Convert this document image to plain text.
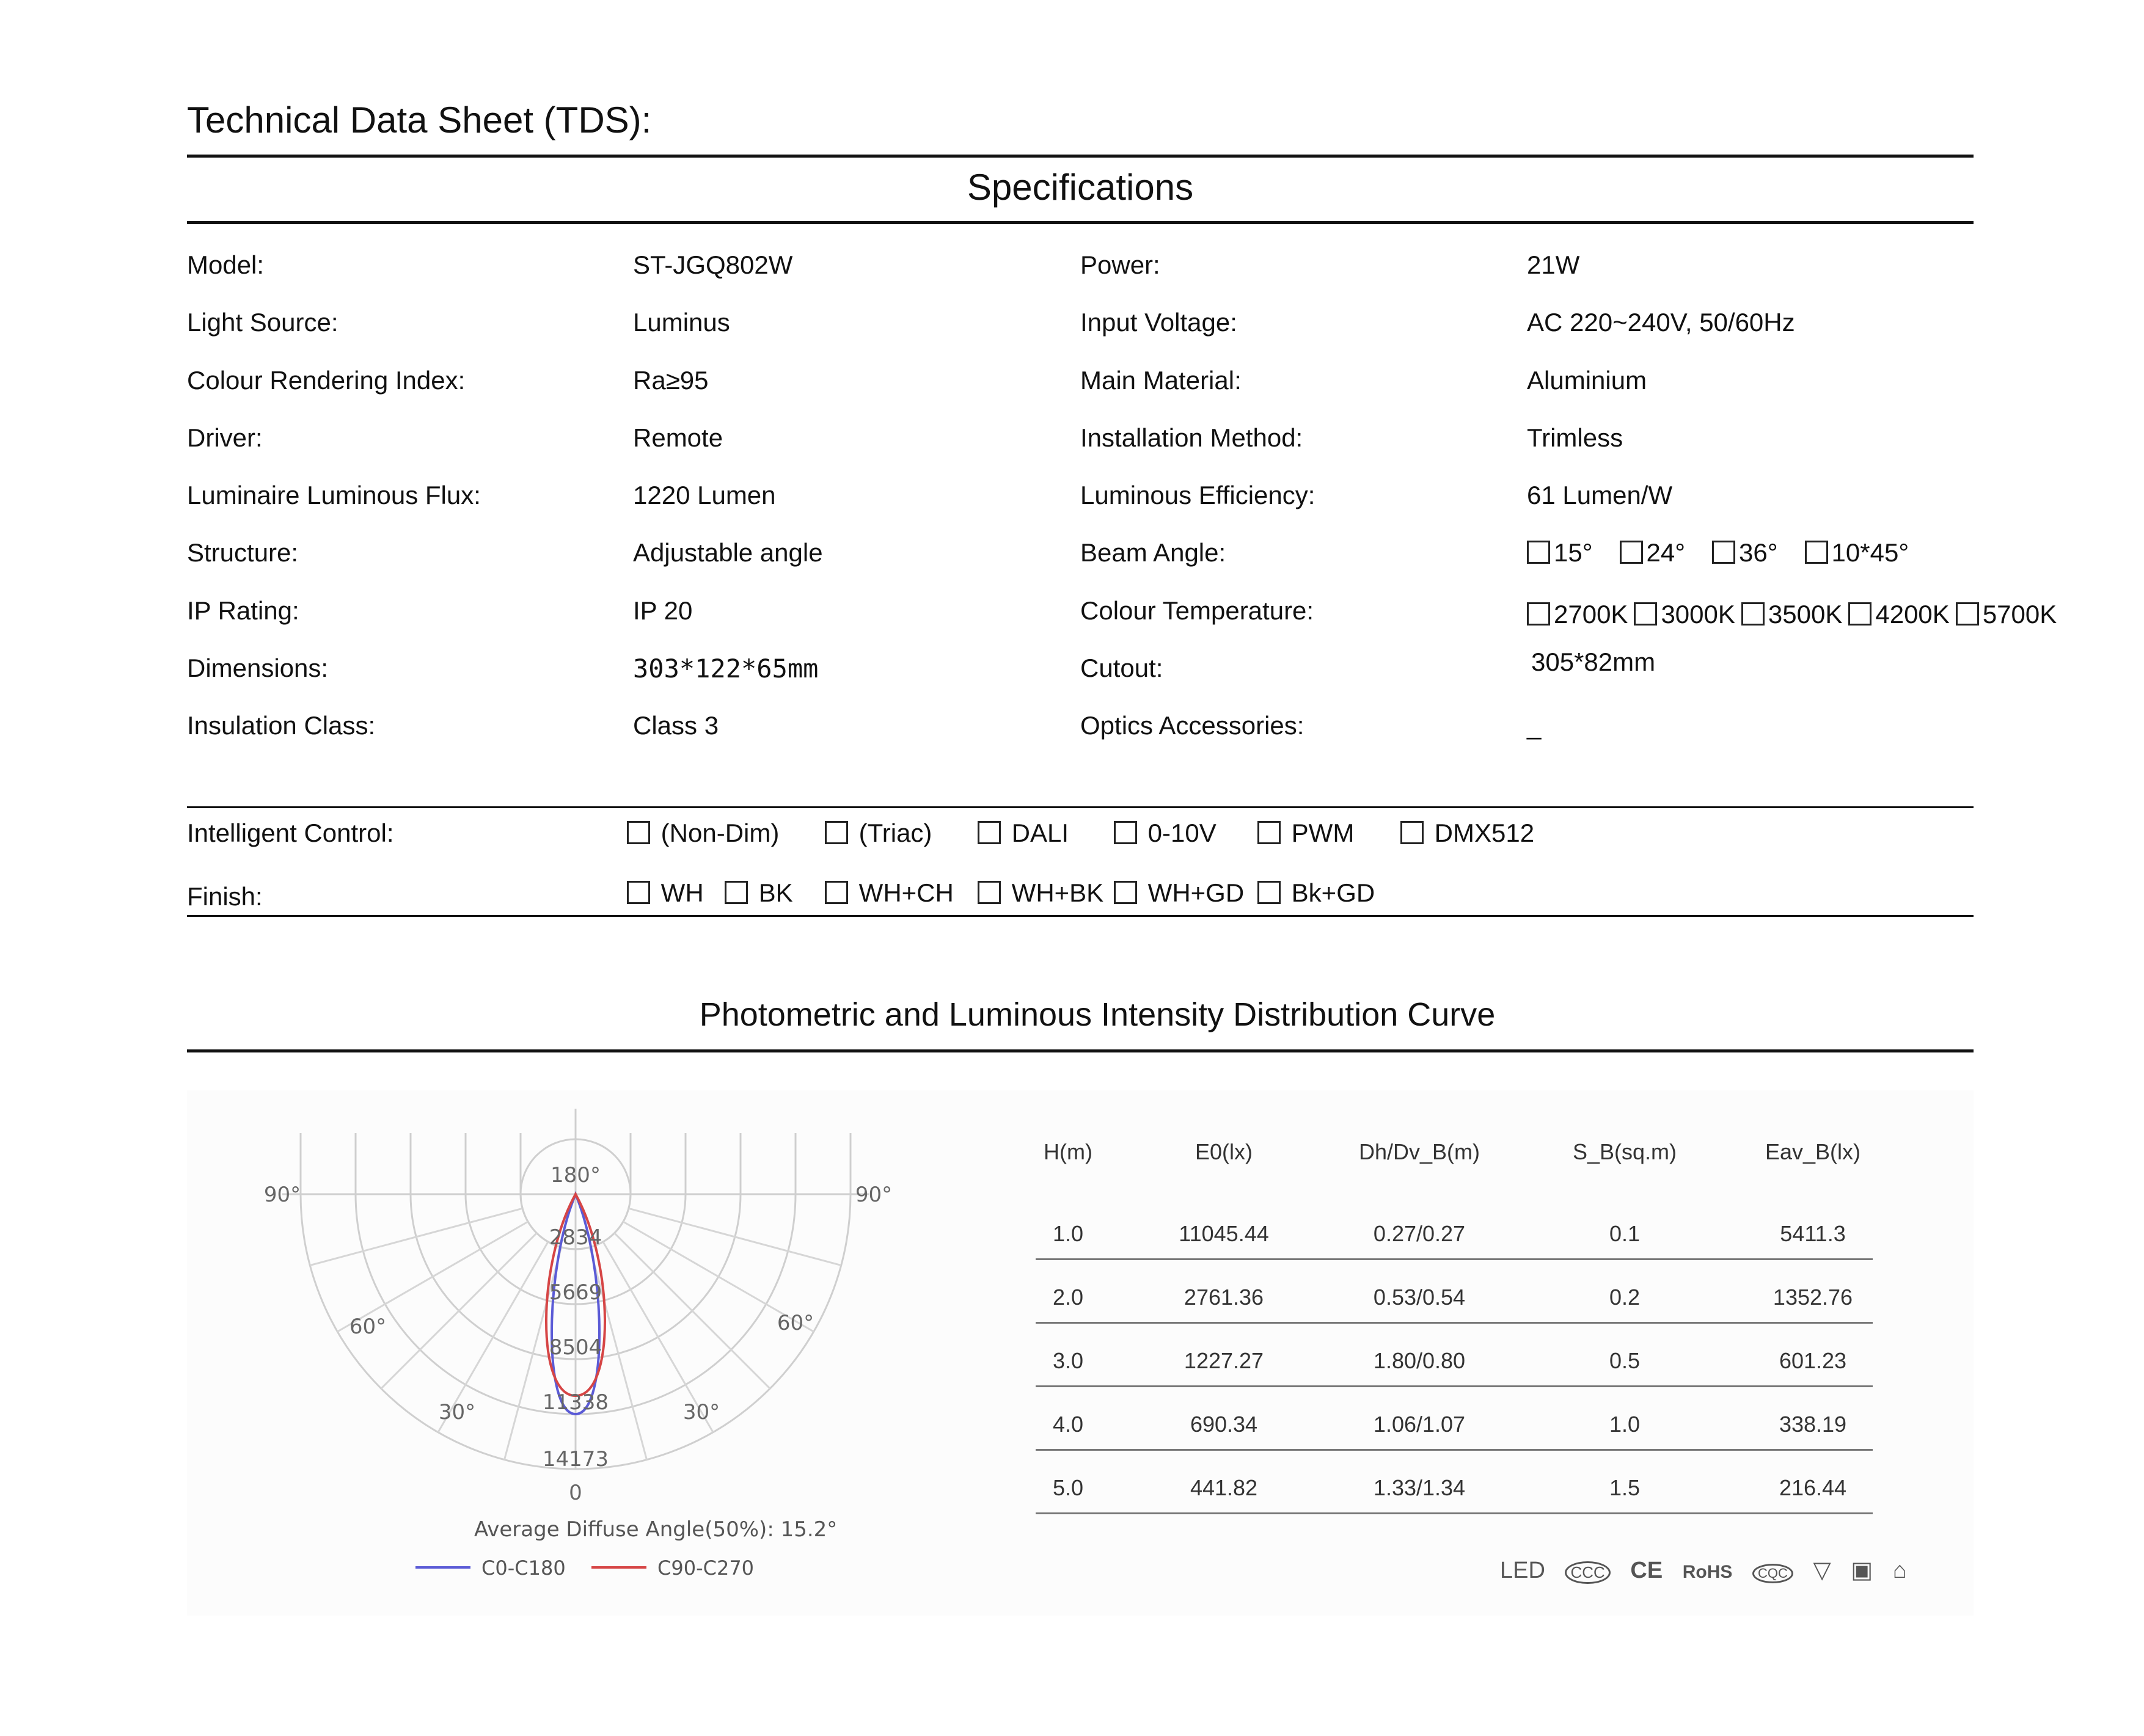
Technical Data Sheet (TDS):
Specifications
Model:	ST-JGQ802W	Power:	21W
Light Source:	Luminus	Input Voltage:	AC 220~240V, 50/60Hz
Colour Rendering Index:	Ra≥95	Main Material:	Aluminium
Driver:	Remote	Installation Method:	Trimless
Luminaire Luminous Flux:	1220 Lumen	Luminous Efficiency:	61 Lumen/W
Structure:	Adjustable angle	Beam Angle:	15° 24° 36° 10*45°
IP Rating:	IP 20	Colour Temperature:	2700K 3000K 3500K 4200K 5700K
Dimensions:	303*122*65mm	Cutout:	305*82mm
Insulation Class:	Class 3	Optics Accessories:	_
Intelligent Control:	(Non-Dim)	(Triac)	DALI	0-10V	PWM	DMX512
Finish:	WH	BK	WH+CH	WH+BK	WH+GD	Bk+GD
Photometric and Luminous Intensity Distribution Curve
180°
90°	90°
60°	60°
30°	30°
0
2834
5669
8504
11338
14173
Average Diffuse Angle(50%): 15.2°
C0-C180	C90-C270
H(m)	E0(lx)	Dh/Dv_B(m)	S_B(sq.m)	Eav_B(lx)
1.0	11045.44	0.27/0.27	0.1	5411.3
2.0	2761.36	0.53/0.54	0.2	1352.76
3.0	1227.27	1.80/0.80	0.5	601.23
4.0	690.34	1.06/1.07	1.0	338.19
5.0	441.82	1.33/1.34	1.5	216.44
LED CCC CE RoHS CQC ▽ ▣ ⌂
